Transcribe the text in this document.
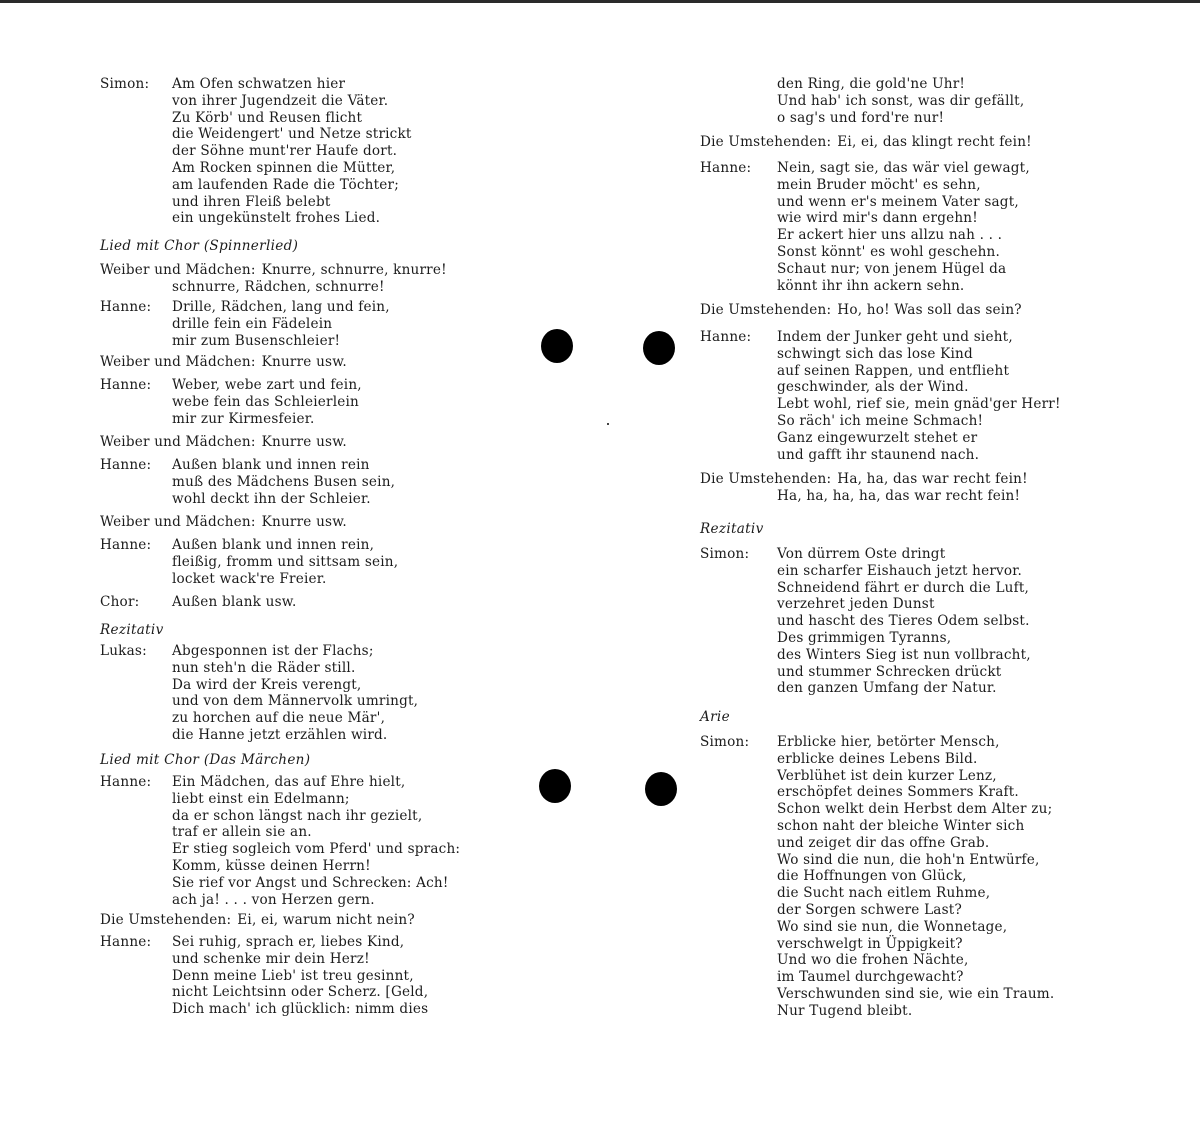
Simon: Am Ofen schwatzen hier
von ihrer Jugendzeit die Väter.
Zu Körb' und Reusen flicht
die Weidengert' und Netze strickt
der Söhne munt'rer Haufe dort.
Am Rocken spinnen die Mütter,
am laufenden Rade die Töchter;
und ihren Fleiß belebt
ein ungekünstelt frohes Lied.
Lied mit Chor (Spinnerlied)
Weiber und Mädchen: Knurre, schnurre, knurre!
schnurre, Rädchen, schnurre!
Hanne: Drille, Rädchen, lang und fein,
drille fein ein Fädelein
mir zum Busenschleier!
Weiber und Mädchen: Knurre usw.
Hanne: Weber, webe zart und fein,
webe fein das Schleierlein
mir zur Kirmesfeier.
Weiber und Mädchen: Knurre usw.
Hanne: Außen blank und innen rein
muß des Mädchens Busen sein,
wohl deckt ihn der Schleier.
Weiber und Mädchen: Knurre usw.
Hanne: Außen blank und innen rein,
fleißig, fromm und sittsam sein,
locket wack're Freier.
Chor: Außen blank usw.
Rezitativ
Lukas: Abgesponnen ist der Flachs;
nun steh'n die Räder still.
Da wird der Kreis verengt,
und von dem Männervolk umringt,
zu horchen auf die neue Mär',
die Hanne jetzt erzählen wird.
Lied mit Chor (Das Märchen)
Hanne: Ein Mädchen, das auf Ehre hielt,
liebt einst ein Edelmann;
da er schon längst nach ihr gezielt,
traf er allein sie an.
Er stieg sogleich vom Pferd' und sprach:
Komm, küsse deinen Herrn!
Sie rief vor Angst und Schrecken: Ach!
ach ja! . . . von Herzen gern.
Die Umstehenden: Ei, ei, warum nicht nein?
Hanne: Sei ruhig, sprach er, liebes Kind,
und schenke mir dein Herz!
Denn meine Lieb' ist treu gesinnt,
nicht Leichtsinn oder Scherz. [Geld,
Dich mach' ich glücklich: nimm dies
den Ring, die gold'ne Uhr!
Und hab' ich sonst, was dir gefällt,
o sag's und ford're nur!
Die Umstehenden: Ei, ei, das klingt recht fein!
Hanne: Nein, sagt sie, das wär viel gewagt,
mein Bruder möcht' es sehn,
und wenn er's meinem Vater sagt,
wie wird mir's dann ergehn!
Er ackert hier uns allzu nah . . .
Sonst könnt' es wohl geschehn.
Schaut nur; von jenem Hügel da
könnt ihr ihn ackern sehn.
Die Umstehenden: Ho, ho! Was soll das sein?
Hanne: Indem der Junker geht und sieht,
schwingt sich das lose Kind
auf seinen Rappen, und entflieht
geschwinder, als der Wind.
Lebt wohl, rief sie, mein gnäd'ger Herr!
So räch' ich meine Schmach!
Ganz eingewurzelt stehet er
und gafft ihr staunend nach.
Die Umstehenden: Ha, ha, das war recht fein!
Ha, ha, ha, ha, das war recht fein!
Rezitativ
Simon: Von dürrem Oste dringt
ein scharfer Eishauch jetzt hervor.
Schneidend fährt er durch die Luft,
verzehret jeden Dunst
und hascht des Tieres Odem selbst.
Des grimmigen Tyranns,
des Winters Sieg ist nun vollbracht,
und stummer Schrecken drückt
den ganzen Umfang der Natur.
Arie
Simon: Erblicke hier, betörter Mensch,
erblicke deines Lebens Bild.
Verblühet ist dein kurzer Lenz,
erschöpfet deines Sommers Kraft.
Schon welkt dein Herbst dem Alter zu;
schon naht der bleiche Winter sich
und zeiget dir das offne Grab.
Wo sind die nun, die hoh'n Entwürfe,
die Hoffnungen von Glück,
die Sucht nach eitlem Ruhme,
der Sorgen schwere Last?
Wo sind sie nun, die Wonnetage,
verschwelgt in Üppigkeit?
Und wo die frohen Nächte,
im Taumel durchgewacht?
Verschwunden sind sie, wie ein Traum.
Nur Tugend bleibt.
